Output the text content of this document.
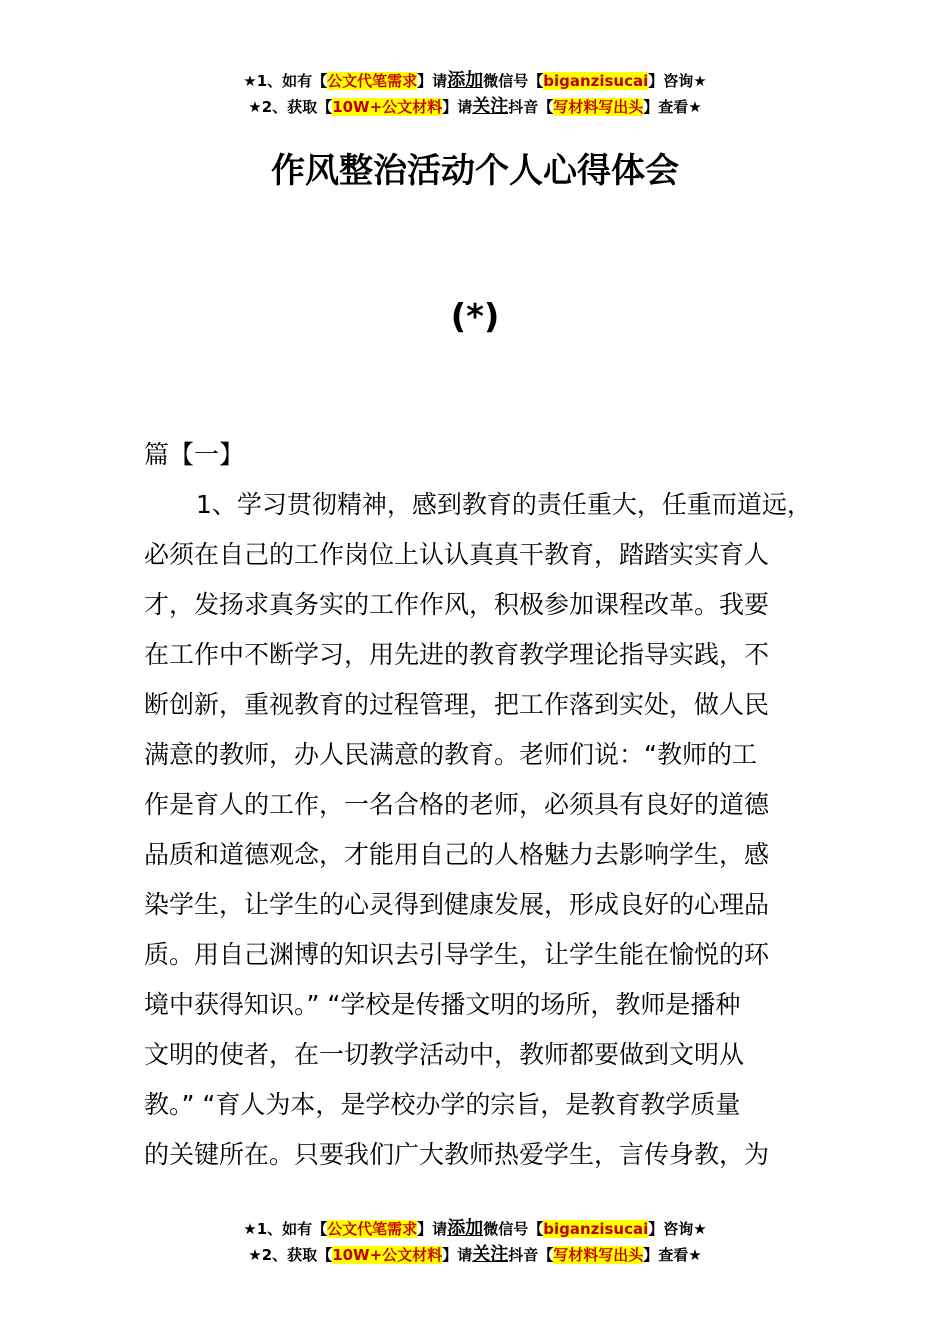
★1、如有【公文代笔需求】请添加微信号【biganzisucai】咨询★
★2、获取【10W+公文材料】请关注抖音【写材料写出头】查看★
作风整治活动个人心得体会
(*)
篇【一】
1、学习贯彻精神，感到教育的责任重大，任重而道远，
必须在自己的工作岗位上认认真真干教育，踏踏实实育人
才，发扬求真务实的工作作风，积极参加课程改革。我要
在工作中不断学习，用先进的教育教学理论指导实践，不
断创新，重视教育的过程管理，把工作落到实处，做人民
满意的教师，办人民满意的教育。老师们说：“教师的工
作是育人的工作，一名合格的老师，必须具有良好的道德
品质和道德观念，才能用自己的人格魅力去影响学生，感
染学生，让学生的心灵得到健康发展，形成良好的心理品
质。用自己渊博的知识去引导学生，让学生能在愉悦的环
境中获得知识。” “学校是传播文明的场所，教师是播种
文明的使者，在一切教学活动中，教师都要做到文明从
教。” “育人为本，是学校办学的宗旨，是教育教学质量
的关键所在。只要我们广大教师热爱学生，言传身教，为
★1、如有【公文代笔需求】请添加微信号【biganzisucai】咨询★
★2、获取【10W+公文材料】请关注抖音【写材料写出头】查看★
